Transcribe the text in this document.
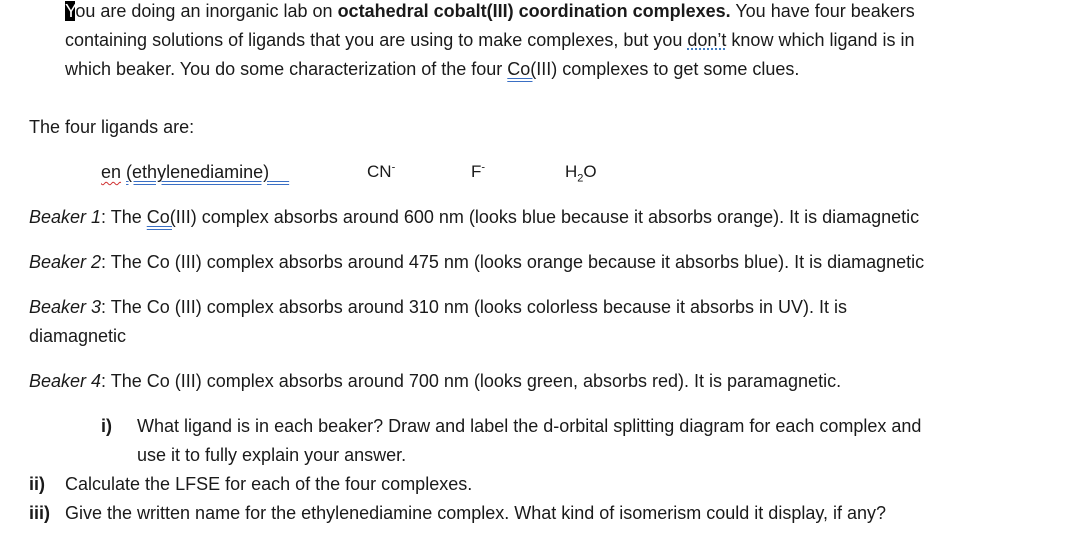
You are doing an inorganic lab on octahedral cobalt(III) coordination complexes. You have four beakers
containing solutions of ligands that you are using to make complexes, but you don’t know which ligand is in
which beaker. You do some characterization of the four Co(III) complexes to get some clues.
The four ligands are:
en (ethylenediamine)	CN-	F-	$H_2O$
Beaker 1: The Co(III) complex absorbs around 600 nm (looks blue because it absorbs orange). It is diamagnetic
Beaker 2: The Co (III) complex absorbs around 475 nm (looks orange because it absorbs blue). It is diamagnetic
Beaker 3: The Co (III) complex absorbs around 310 nm (looks colorless because it absorbs in UV). It is
diamagnetic
Beaker 4: The Co (III) complex absorbs around 700 nm (looks green, absorbs red). It is paramagnetic.
i) What ligand is in each beaker? Draw and label the d-orbital splitting diagram for each complex and
use it to fully explain your answer.
ii) Calculate the LFSE for each of the four complexes.
iii) Give the written name for the ethylenediamine complex. What kind of isomerism could it display, if any?
